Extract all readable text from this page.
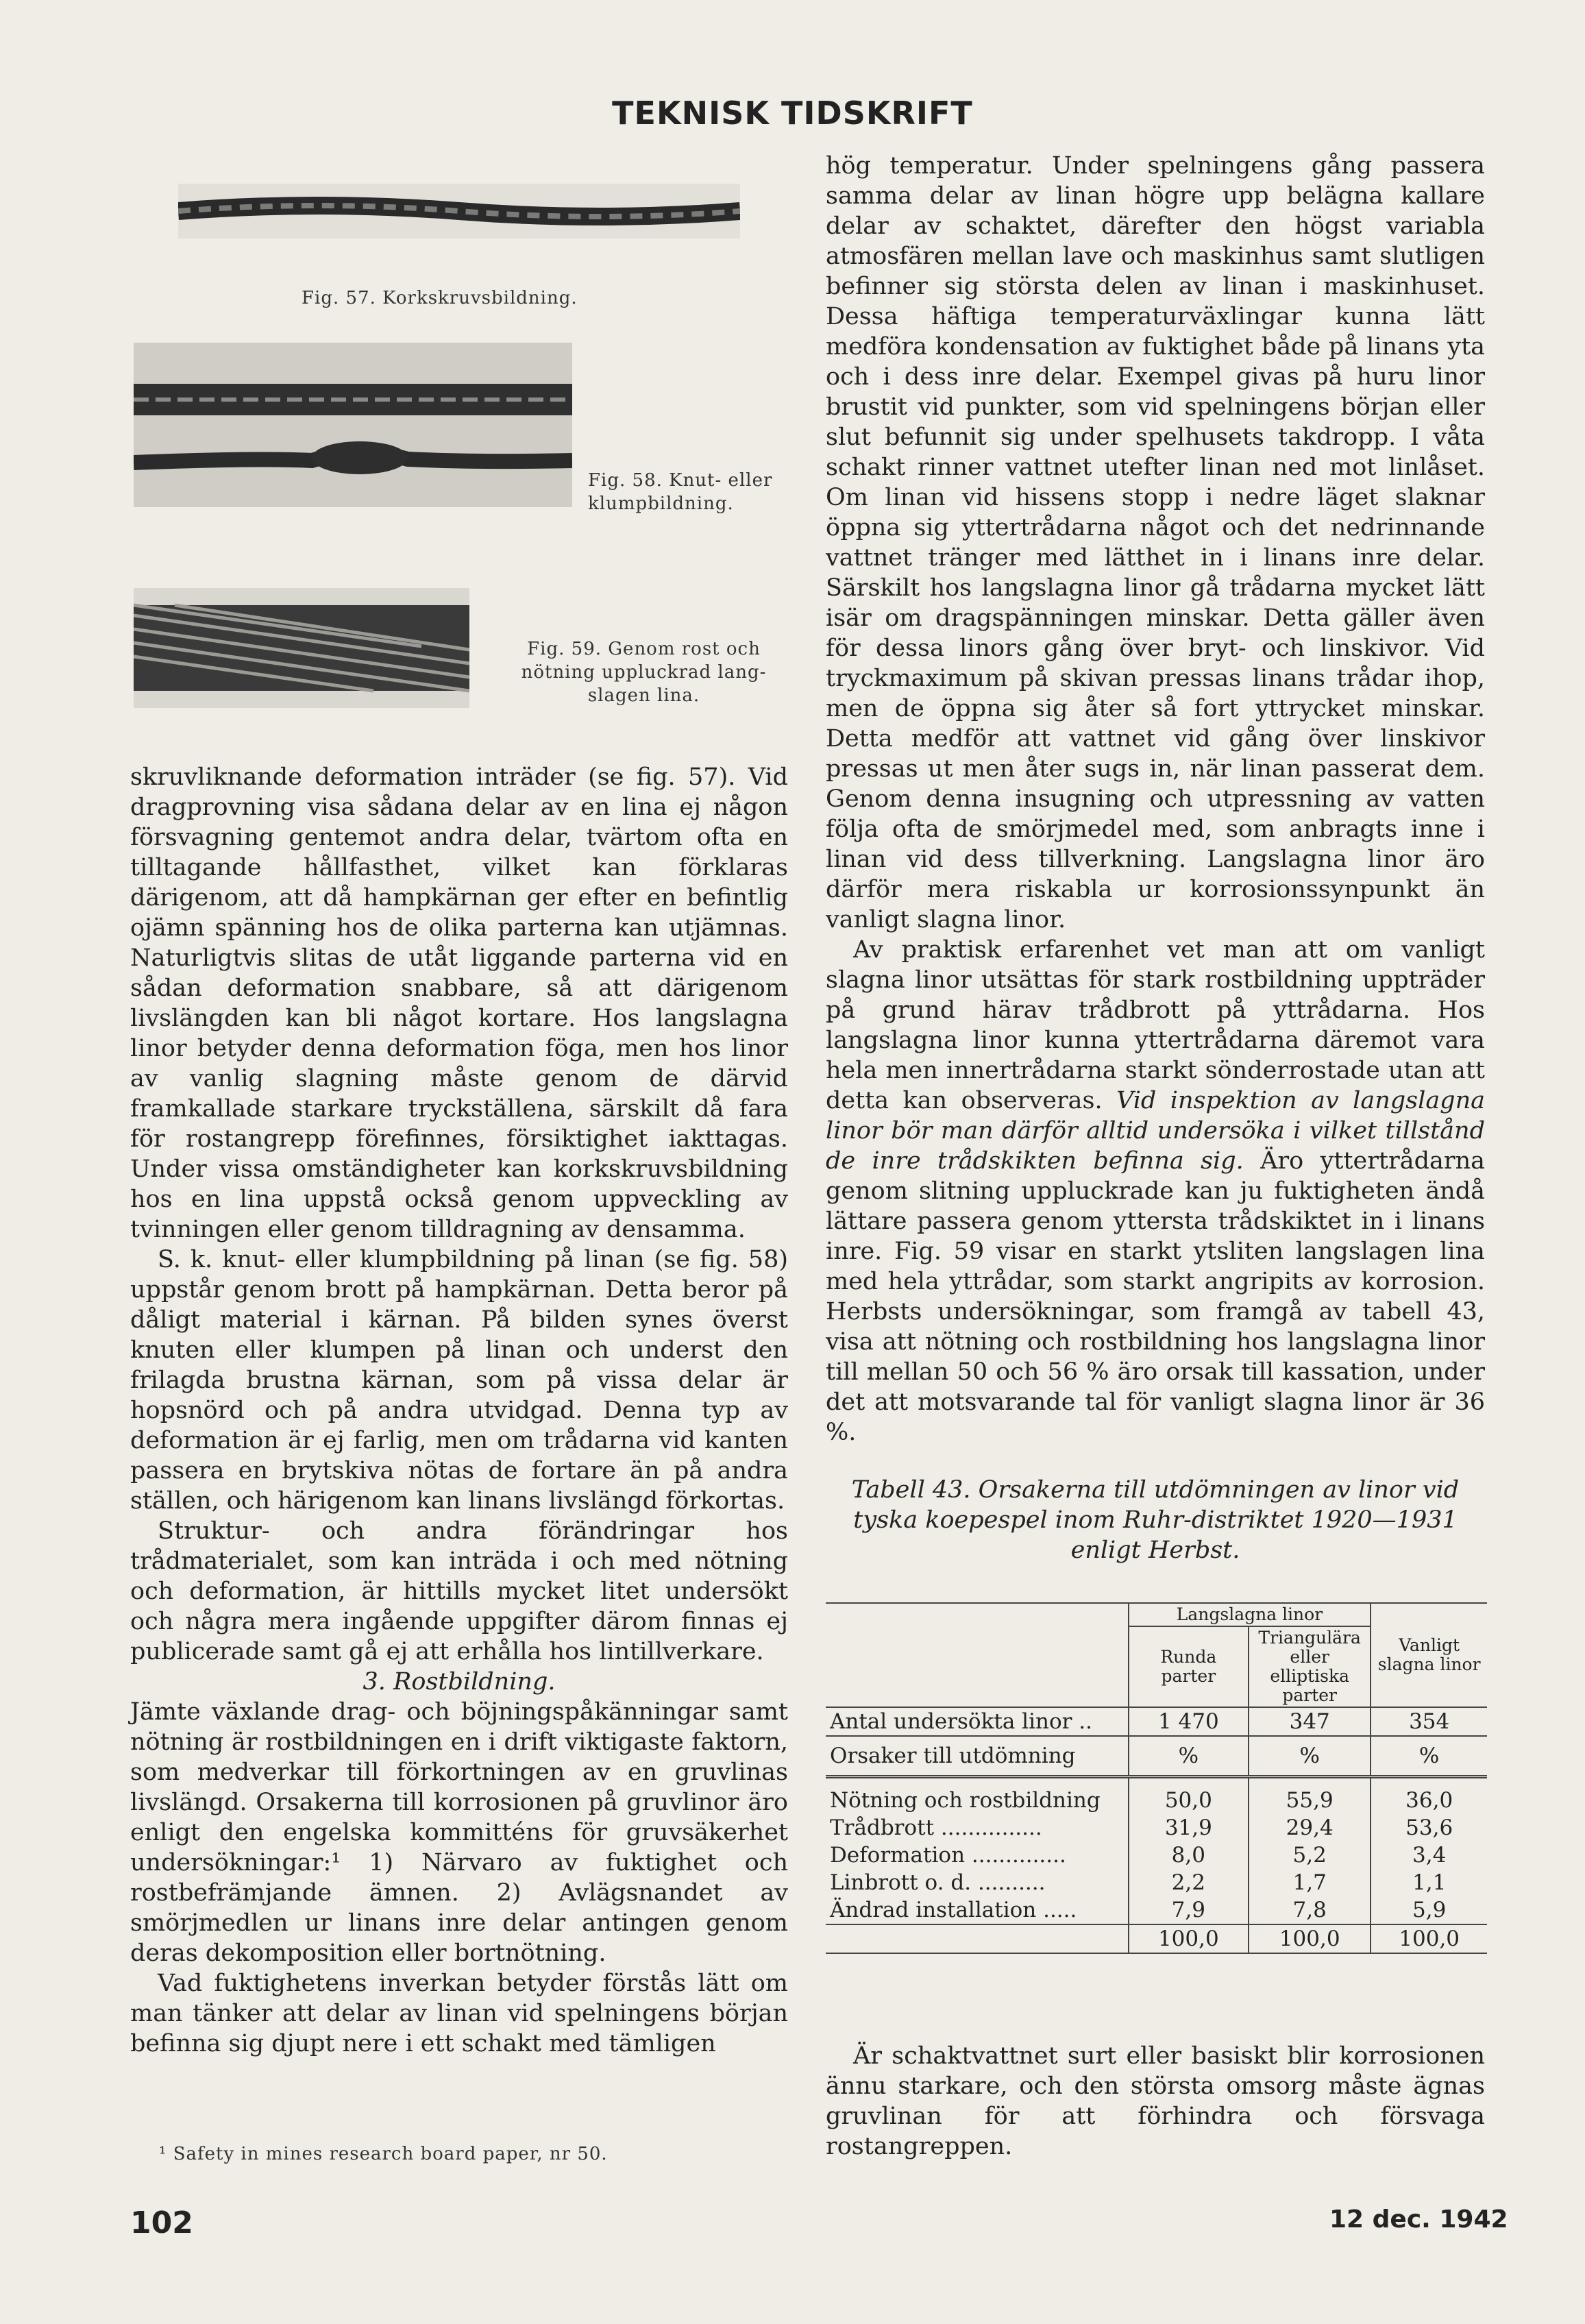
TEKNISK TIDSKRIFT
Fig. 57. Korkskruvsbildning.
Fig. 58. Knut- eller
klumpbildning.
Fig. 59. Genom rost och
nötning uppluckrad lang-
slagen lina.

skruvliknande deformation inträder (se fig. 57). Vid dragprovning visa sådana delar av en lina ej någon försvagning gentemot andra delar, tvärtom ofta en tilltagande hållfasthet, vilket kan förklaras därigenom, att då hampkärnan ger efter en befintlig ojämn spänning hos de olika parterna kan utjämnas. Naturligtvis slitas de utåt liggande parterna vid en sådan deformation snabbare, så att därigenom livslängden kan bli något kortare. Hos langslagna linor betyder denna deformation föga, men hos linor av vanlig slagning måste genom de därvid framkallade starkare tryckställena, särskilt då fara för rostangrepp förefinnes, försiktighet iakttagas. Under vissa omständigheter kan korkskruvsbildning hos en lina uppstå också genom uppveckling av tvinningen eller genom tilldragning av densamma.

S. k. knut- eller klumpbildning på linan (se fig. 58) uppstår genom brott på hampkärnan. Detta beror på dåligt material i kärnan. På bilden synes överst knuten eller klumpen på linan och underst den frilagda brustna kärnan, som på vissa delar är hopsnörd och på andra utvidgad. Denna typ av deformation är ej farlig, men om trådarna vid kanten passera en brytskiva nötas de fortare än på andra ställen, och härigenom kan linans livslängd förkortas.

Struktur- och andra förändringar hos trådmaterialet, som kan inträda i och med nötning och deformation, är hittills mycket litet undersökt och några mera ingående uppgifter därom finnas ej publicerade samt gå ej att erhålla hos lintillverkare.

3. Rostbildning.

Jämte växlande drag- och böjningspåkänningar samt nötning är rostbildningen en i drift viktigaste faktorn, som medverkar till förkortningen av en gruvlinas livslängd. Orsakerna till korrosionen på gruvlinor äro enligt den engelska kommitténs för gruvsäkerhet undersökningar:¹ 1) Närvaro av fuktighet och rostbefrämjande ämnen. 2) Avlägsnandet av smörjmedlen ur linans inre delar antingen genom deras dekomposition eller bortnötning.

Vad fuktighetens inverkan betyder förstås lätt om man tänker att delar av linan vid spelningens början befinna sig djupt nere i ett schakt med tämligen

hög temperatur. Under spelningens gång passera samma delar av linan högre upp belägna kallare delar av schaktet, därefter den högst variabla atmosfären mellan lave och maskinhus samt slutligen befinner sig största delen av linan i maskinhuset. Dessa häftiga temperaturväxlingar kunna lätt medföra kondensation av fuktighet både på linans yta och i dess inre delar. Exempel givas på huru linor brustit vid punkter, som vid spelningens början eller slut befunnit sig under spelhusets takdropp. I våta schakt rinner vattnet utefter linan ned mot linlåset. Om linan vid hissens stopp i nedre läget slaknar öppna sig yttertrådarna något och det nedrinnande vattnet tränger med lätthet in i linans inre delar. Särskilt hos langslagna linor gå trådarna mycket lätt isär om dragspänningen minskar. Detta gäller även för dessa linors gång över bryt- och linskivor. Vid tryckmaximum på skivan pressas linans trådar ihop, men de öppna sig åter så fort yttrycket minskar. Detta medför att vattnet vid gång över linskivor pressas ut men åter sugs in, när linan passerat dem. Genom denna insugning och utpressning av vatten följa ofta de smörjmedel med, som anbragts inne i linan vid dess tillverkning. Langslagna linor äro därför mera riskabla ur korrosionssynpunkt än vanligt slagna linor.

Av praktisk erfarenhet vet man att om vanligt slagna linor utsättas för stark rostbildning uppträder på grund härav trådbrott på yttrådarna. Hos langslagna linor kunna yttertrådarna däremot vara hela men innertrådarna starkt sönderrostade utan att detta kan observeras. Vid inspektion av langslagna linor bör man därför alltid undersöka i vilket tillstånd de inre trådskikten befinna sig. Äro yttertrådarna genom slitning uppluckrade kan ju fuktigheten ändå lättare passera genom yttersta trådskiktet in i linans inre. Fig. 59 visar en starkt ytsliten langslagen lina med hela yttrådar, som starkt angripits av korrosion. Herbsts undersökningar, som framgå av tabell 43, visa att nötning och rostbildning hos langslagna linor till mellan 50 och 56 % äro orsak till kassation, under det att motsvarande tal för vanligt slagna linor är 36 %.

Tabell 43. Orsakerna till utdömningen av linor vid tyska koepespel inom Ruhr-distriktet 1920—1931 enligt Herbst.

	Langslagna linor		Vanligt slagna linor
	Runda parter	Triangulära eller elliptiska parter	
Antal undersökta linor ..	1 470	347	354
Orsaker till utdömning	%	%	%
Nötning och rostbildning	50,0	55,9	36,0
Trådbrott ...............	31,9	29,4	53,6
Deformation ..............	8,0	5,2	3,4
Linbrott o. d. ..........	2,2	1,7	1,1
Ändrad installation .....	7,9	7,8	5,9
	100,0	100,0	100,0

Är schaktvattnet surt eller basiskt blir korrosionen ännu starkare, och den största omsorg måste ägnas gruvlinan för att förhindra och försvaga rostangreppen.

¹ Safety in mines research board paper, nr 50.
102	12 dec. 1942
